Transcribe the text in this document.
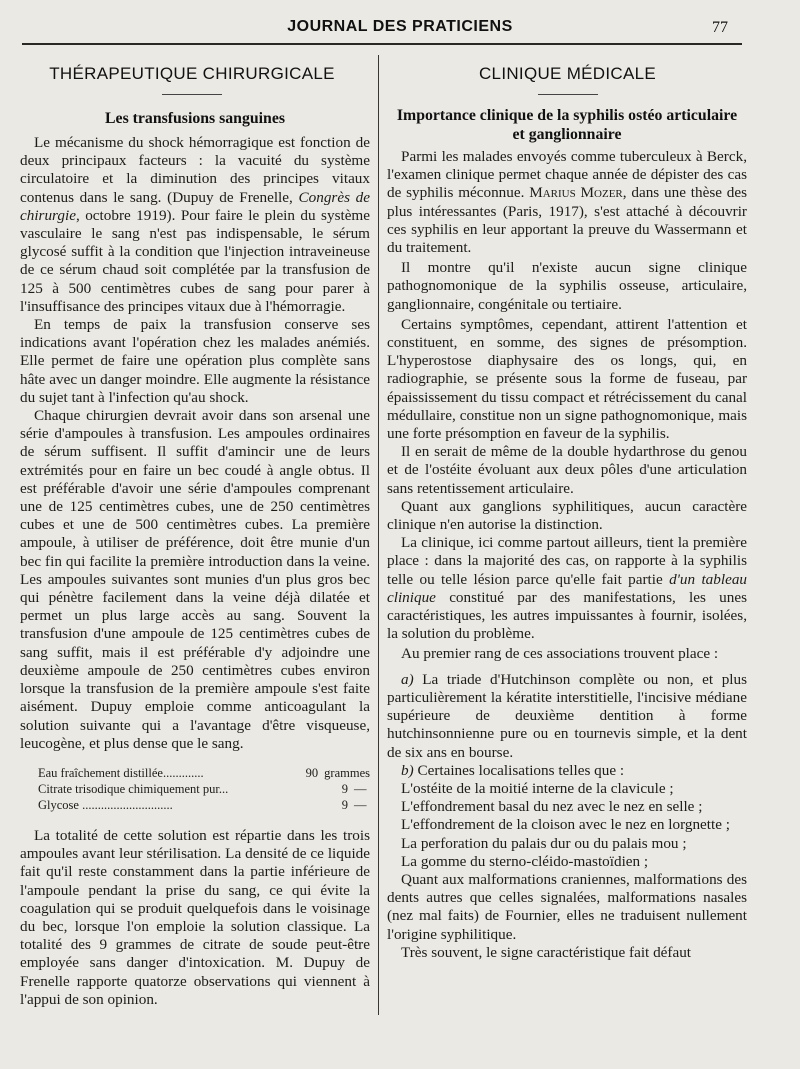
JOURNAL DES PRATICIENS	77
THÉRAPEUTIQUE CHIRURGICALE	CLINIQUE MÉDICALE
Les transfusions sanguines

Le mécanisme du shock hémorragique est fonction de deux principaux facteurs : la vacuité du système circulatoire et la diminution des principes vitaux contenus dans le sang. (Dupuy de Frenelle, Congrès de chirurgie, octobre 1919). Pour faire le plein du système vasculaire le sang n'est pas indispensable, le sérum glycosé suffit à la condition que l'injection intraveineuse de ce sérum chaud soit complétée par la transfusion de 125 à 500 centimètres cubes de sang pour parer à l'insuffisance des principes vitaux due à l'hémorragie.

En temps de paix la transfusion conserve ses indications avant l'opération chez les malades anémiés. Elle permet de faire une opération plus complète sans hâte avec un danger moindre. Elle augmente la résistance du sujet tant à l'infection qu'au shock.

Chaque chirurgien devrait avoir dans son arsenal une série d'ampoules à transfusion. Les ampoules ordinaires de sérum suffisent. Il suffit d'amincir une de leurs extrémités pour en faire un bec coudé à angle obtus. Il est préférable d'avoir une série d'ampoules comprenant une de 125 centimètres cubes, une de 250 centimètres cubes et une de 500 centimètres cubes. La première ampoule, à utiliser de préférence, doit être munie d'un bec fin qui facilite la première introduction dans la veine. Les ampoules suivantes sont munies d'un plus gros bec qui pénètre facilement dans la veine déjà dilatée et permet un plus large accès au sang. Souvent la transfusion d'une ampoule de 125 centimètres cubes de sang suffit, mais il est préférable d'y adjoindre une deuxième ampoule de 250 centimètres cubes environ lorsque la transfusion de la première ampoule s'est faite aisément. Dupuy emploie comme anticoagulant la solution suivante qui a l'avantage d'être visqueuse, leucogène, et plus dense que le sang.

Eau fraîchement distillée.............	90 grammes
Citrate trisodique chimiquement pur...	9 —
Glycose .............................	9 —

La totalité de cette solution est répartie dans les trois ampoules avant leur stérilisation. La densité de ce liquide fait qu'il reste constamment dans la partie inférieure de l'ampoule pendant la prise du sang, ce qui évite la coagulation qui se produit quelquefois dans le voisinage du bec, lorsque l'on emploie la solution classique. La totalité des 9 grammes de citrate de soude peut-être employée sans danger d'intoxication. M. Dupuy de Frenelle rapporte quatorze observations qui viennent à l'appui de son opinion.

Importance clinique de la syphilis ostéo articulaire
et ganglionnaire

Parmi les malades envoyés comme tuberculeux à Berck, l'examen clinique permet chaque année de dépister des cas de syphilis méconnue. Marius Mozer, dans une thèse des plus intéressantes (Paris, 1917), s'est attaché à découvrir ces syphilis en leur apportant la preuve du Wassermann et du traitement.

Il montre qu'il n'existe aucun signe clinique pathognomonique de la syphilis osseuse, articulaire, ganglionnaire, congénitale ou tertiaire.

Certains symptômes, cependant, attirent l'attention et constituent, en somme, des signes de présomption. L'hyperostose diaphysaire des os longs, qui, en radiographie, se présente sous la forme de fuseau, par épaississement du tissu compact et rétrécissement du canal médullaire, constitue non un signe pathognomonique, mais une forte présomption en faveur de la syphilis.

Il en serait de même de la double hydarthrose du genou et de l'ostéite évoluant aux deux pôles d'une articulation sans retentissement articulaire.

Quant aux ganglions syphilitiques, aucun caractère clinique n'en autorise la distinction.

La clinique, ici comme partout ailleurs, tient la première place : dans la majorité des cas, on rapporte à la syphilis telle ou telle lésion parce qu'elle fait partie d'un tableau clinique constitué par des manifestations, les unes caractéristiques, les autres impuissantes à fournir, isolées, la solution du problème.

Au premier rang de ces associations trouvent place :

a) La triade d'Hutchinson complète ou non, et plus particulièrement la kératite interstitielle, l'incisive médiane supérieure de deuxième dentition à forme hutchinsonnienne pure ou en tournevis simple, et la dent de six ans en bourse.

b) Certaines localisations telles que :

L'ostéite de la moitié interne de la clavicule ;

L'effondrement basal du nez avec le nez en selle ;

L'effondrement de la cloison avec le nez en lorgnette ;

La perforation du palais dur ou du palais mou ;

La gomme du sterno-cléido-mastoïdien ;

Quant aux malformations craniennes, malformations des dents autres que celles signalées, malformations nasales (nez mal faits) de Fournier, elles ne traduisent nullement l'origine syphilitique.

Très souvent, le signe caractéristique fait défaut
